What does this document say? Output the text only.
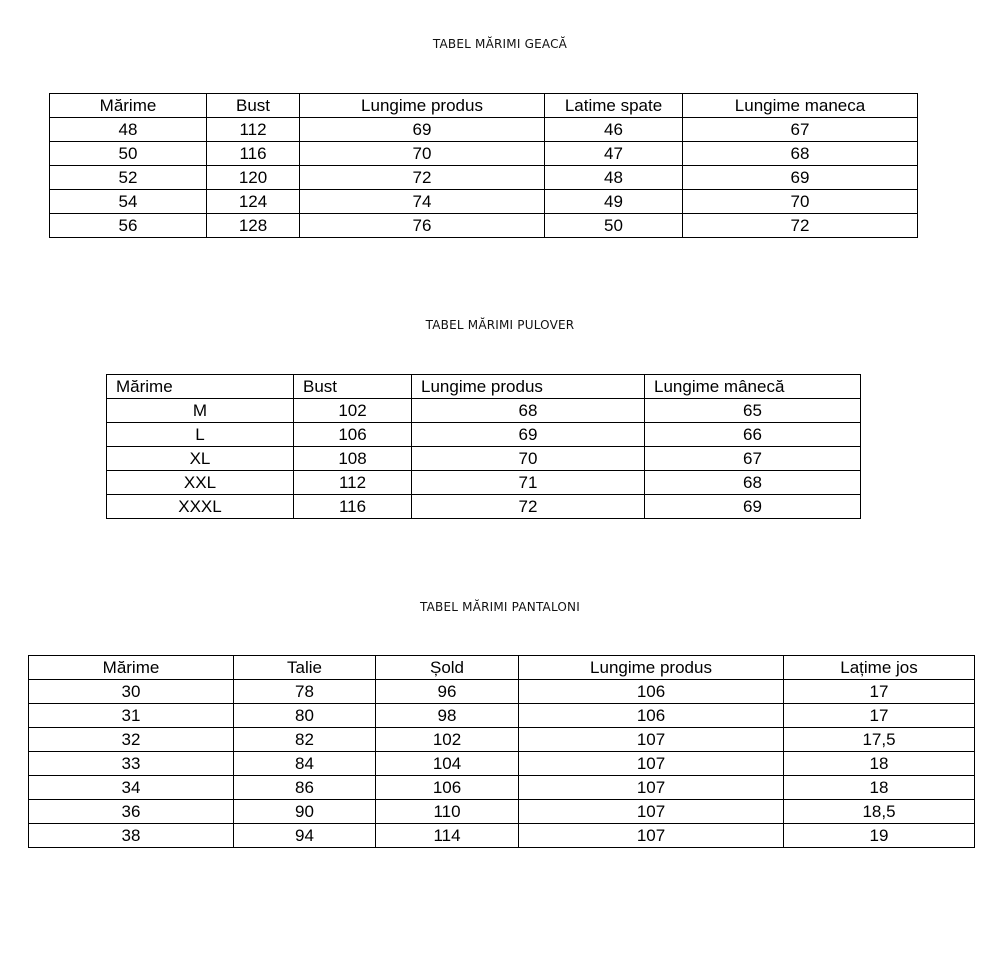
TABEL MĂRIMI GEACĂ
Mărime	Bust	Lungime produs	Latime spate	Lungime maneca
48	112	69	46	67
50	116	70	47	68
52	120	72	48	69
54	124	74	49	70
56	128	76	50	72
TABEL MĂRIMI PULOVER
Mărime	Bust	Lungime produs	Lungime mânecă
M	102	68	65
L	106	69	66
XL	108	70	67
XXL	112	71	68
XXXL	116	72	69
TABEL MĂRIMI PANTALONI
Mărime	Talie	Șold	Lungime produs	Lațime jos
30	78	96	106	17
31	80	98	106	17
32	82	102	107	17,5
33	84	104	107	18
34	86	106	107	18
36	90	110	107	18,5
38	94	114	107	19
